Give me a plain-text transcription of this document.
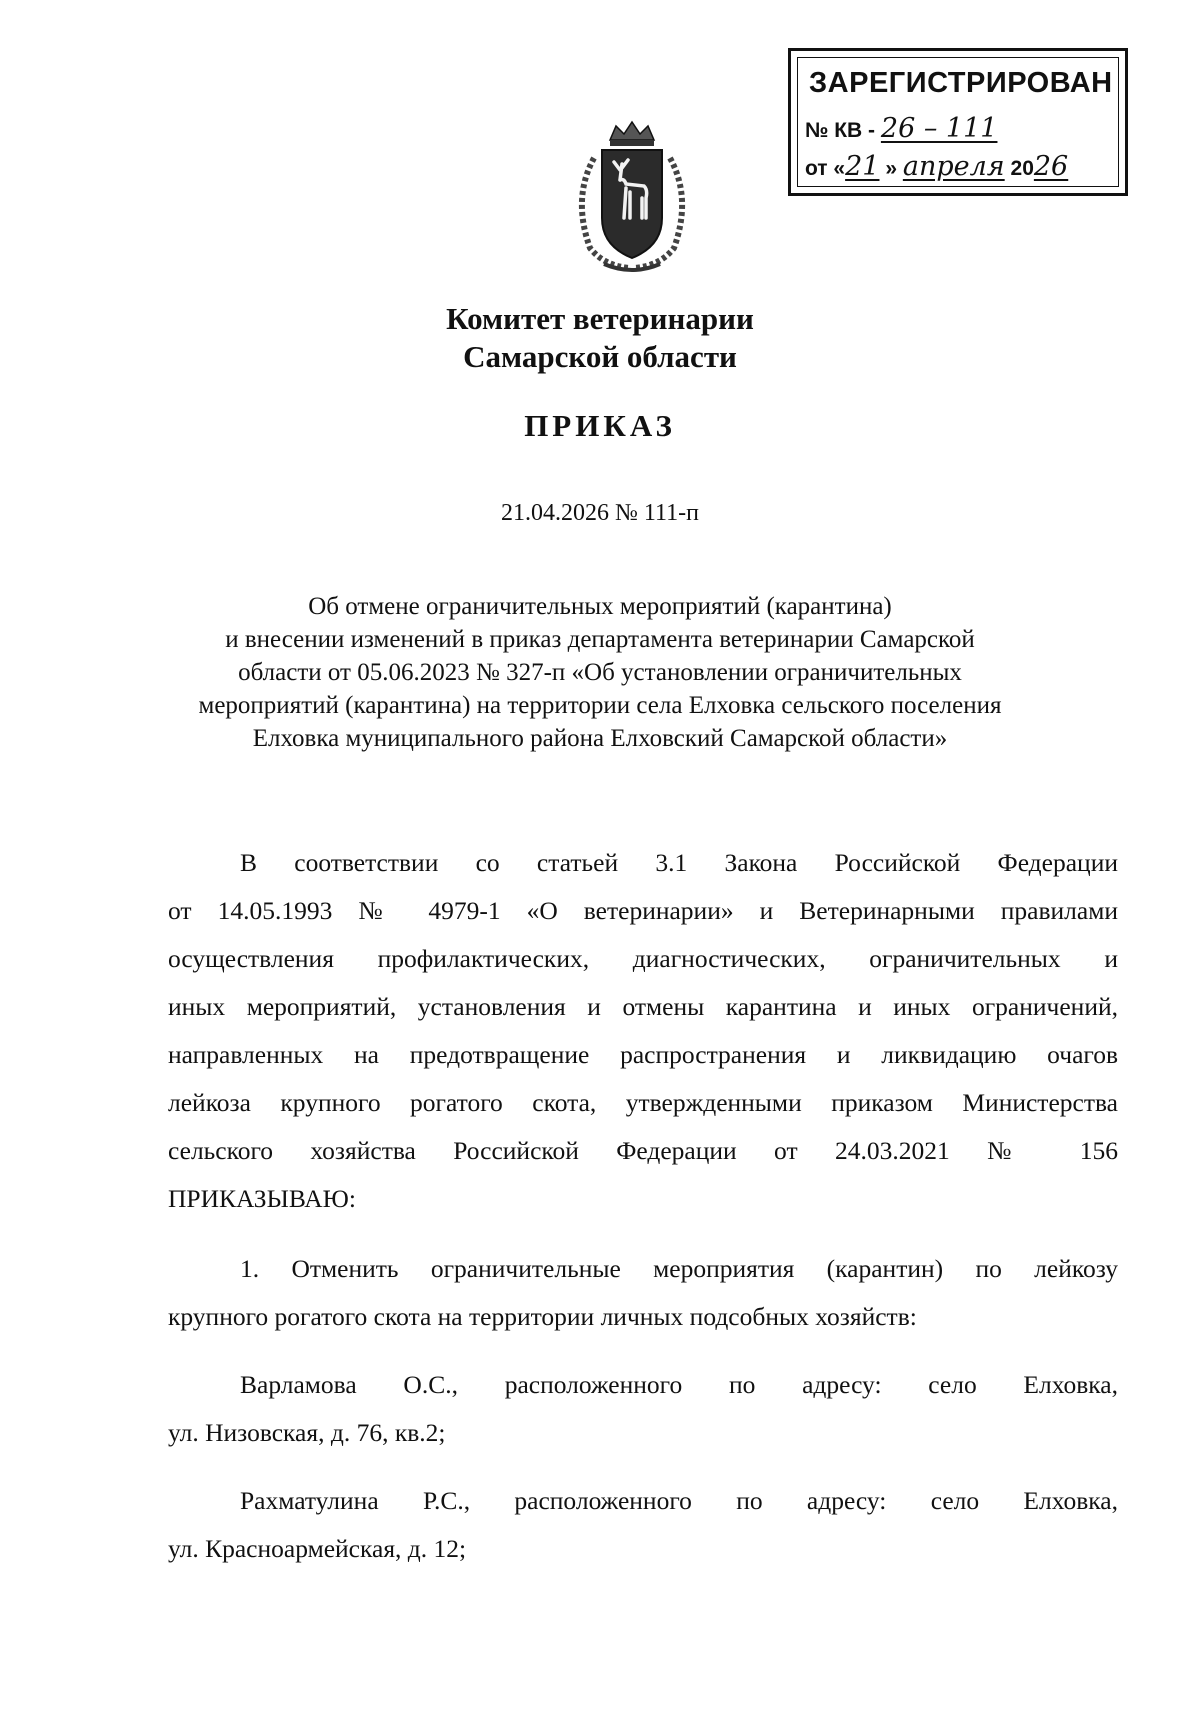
ЗАРЕГИСТРИРОВАН
№ КВ - 26 – 111
от «21 » апреля 2026
Комитет ветеринарии
Самарской области
ПРИКАЗ
21.04.2026 № 111-п
Об отмене ограничительных мероприятий (карантина)
и внесении изменений в приказ департамента ветеринарии Самарской
области от 05.06.2023 № 327-п «Об установлении ограничительных
мероприятий (карантина) на территории села Елховка сельского поселения
Елховка муниципального района Елховский Самарской области»
В соответствии со статьей 3.1 Закона Российской Федерации
от 14.05.1993 № 4979-1 «О ветеринарии» и Ветеринарными правилами
осуществления профилактических, диагностических, ограничительных и
иных мероприятий, установления и отмены карантина и иных ограничений,
направленных на предотвращение распространения и ликвидацию очагов
лейкоза крупного рогатого скота, утвержденными приказом Министерства
сельского хозяйства Российской Федерации от 24.03.2021 № 156
ПРИКАЗЫВАЮ:
1. Отменить ограничительные мероприятия (карантин) по лейкозу
крупного рогатого скота на территории личных подсобных хозяйств:
Варламова О.С., расположенного по адресу: село Елховка,
ул. Низовская, д. 76, кв.2;
Рахматулина Р.С., расположенного по адресу: село Елховка,
ул. Красноармейская, д. 12;
